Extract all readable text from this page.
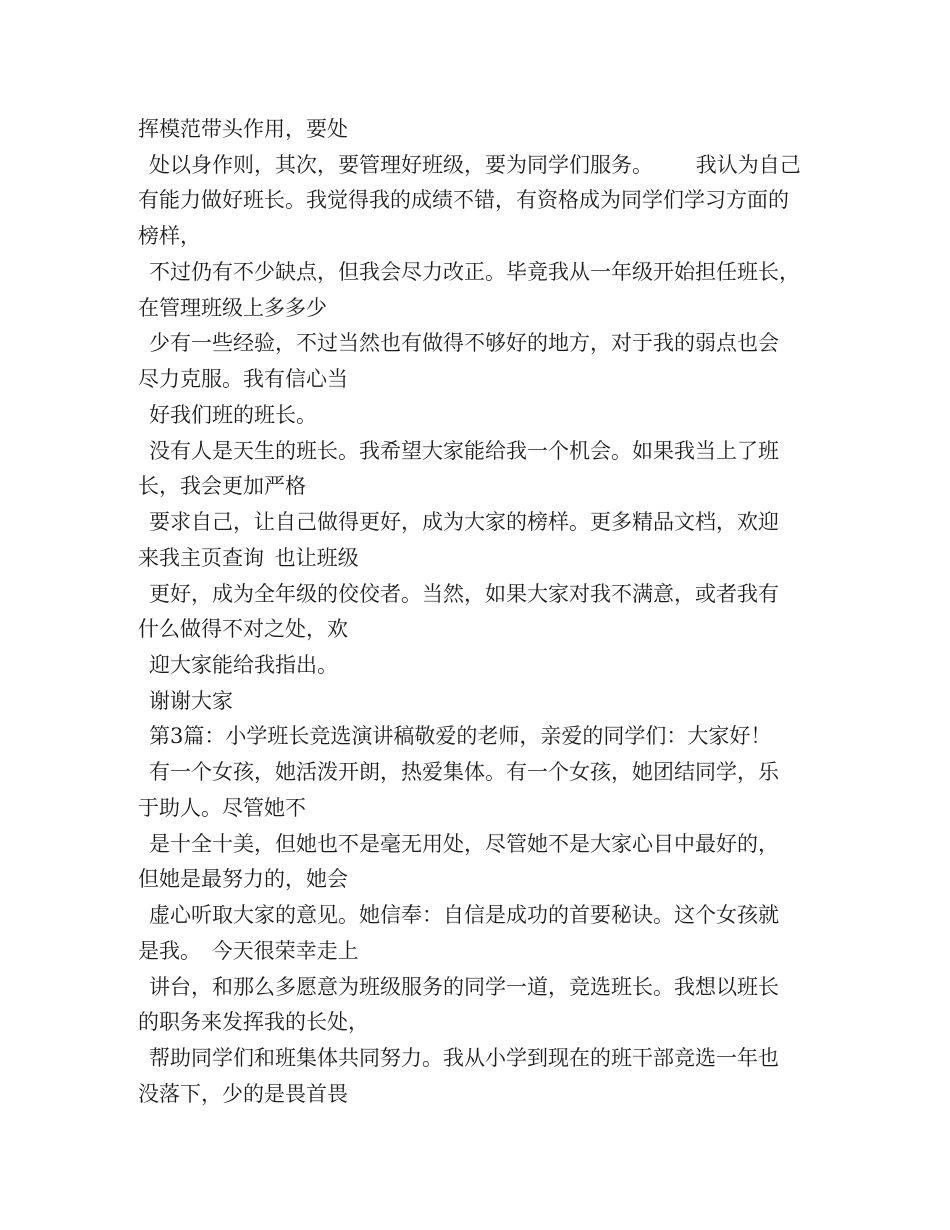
挥模范带头作用，要处
处以身作则，其次，要管理好班级，要为同学们服务。    我认为自己
有能力做好班长。我觉得我的成绩不错，有资格成为同学们学习方面的
榜样，
不过仍有不少缺点，但我会尽力改正。毕竟我从一年级开始担任班长，
在管理班级上多多少
少有一些经验，不过当然也有做得不够好的地方，对于我的弱点也会
尽力克服。我有信心当
好我们班的班长。
没有人是天生的班长。我希望大家能给我一个机会。如果我当上了班
长，我会更加严格
要求自己，让自己做得更好，成为大家的榜样。更多精品文档，欢迎
来我主页查询 也让班级
更好，成为全年级的佼佼者。当然，如果大家对我不满意，或者我有
什么做得不对之处，欢
迎大家能给我指出。
谢谢大家
第3篇：小学班长竞选演讲稿敬爱的老师，亲爱的同学们：大家好！
有一个女孩，她活泼开朗，热爱集体。有一个女孩，她团结同学，乐
于助人。尽管她不
是十全十美，但她也不是毫无用处，尽管她不是大家心目中最好的，
但她是最努力的，她会
虚心听取大家的意见。她信奉：自信是成功的首要秘诀。这个女孩就
是我。 今天很荣幸走上
讲台，和那么多愿意为班级服务的同学一道，竞选班长。我想以班长
的职务来发挥我的长处，
帮助同学们和班集体共同努力。我从小学到现在的班干部竞选一年也
没落下，少的是畏首畏
